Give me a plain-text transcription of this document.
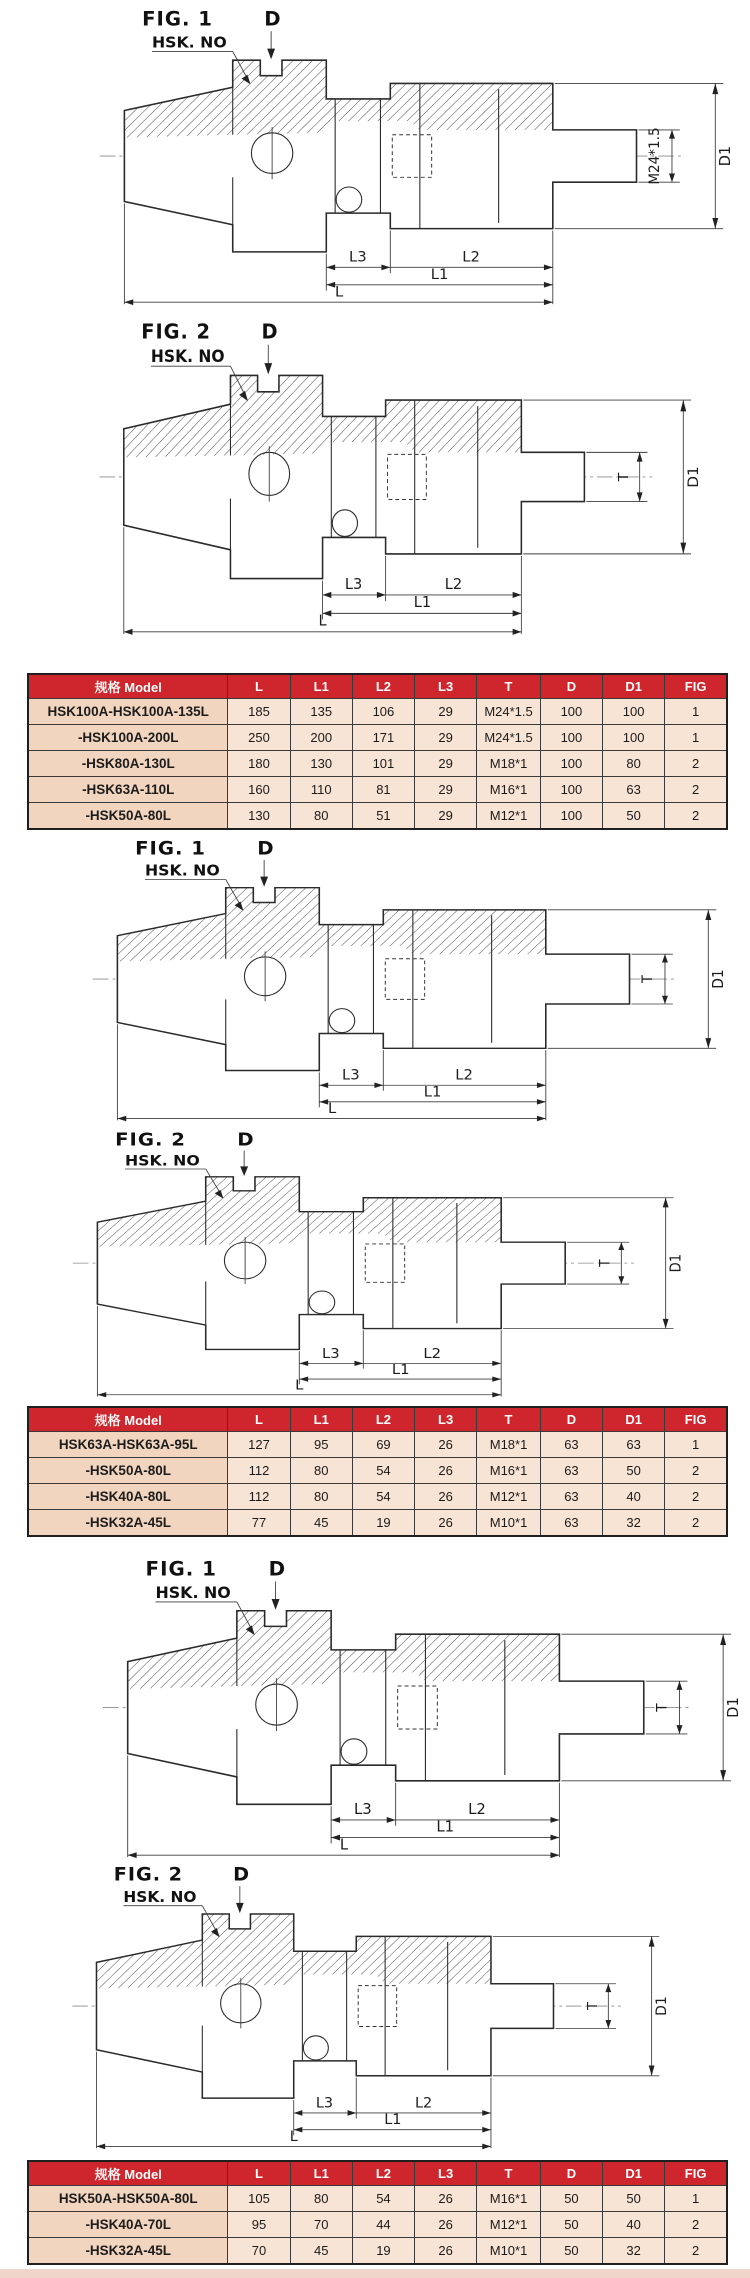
FIG. 1	D
HSK. NO
M24*1.5	D1
L3	L2
L1
L
FIG. 2	D
HSK. NO
T	D1
L3	L2
L1
L
规格 Model	L	L1	L2	L3	T	D	D1	FIG
HSK100A-HSK100A-135L	185	135	106	29	M24*1.5	100	100	1
-HSK100A-200L	250	200	171	29	M24*1.5	100	100	1
-HSK80A-130L	180	130	101	29	M18*1	100	80	2
-HSK63A-110L	160	110	81	29	M16*1	100	63	2
-HSK50A-80L	130	80	51	29	M12*1	100	50	2
FIG. 1	D
HSK. NO
T	D1
L3	L2
L1
L
FIG. 2	D
HSK. NO
T	D1
L3	L2
L1
L
规格 Model	L	L1	L2	L3	T	D	D1	FIG
HSK63A-HSK63A-95L	127	95	69	26	M18*1	63	63	1
-HSK50A-80L	112	80	54	26	M16*1	63	50	2
-HSK40A-80L	112	80	54	26	M12*1	63	40	2
-HSK32A-45L	77	45	19	26	M10*1	63	32	2
FIG. 1	D
HSK. NO
T	D1
L3	L2
L1
L
FIG. 2	D
HSK. NO
T	D1
L3	L2
L1
L
规格 Model	L	L1	L2	L3	T	D	D1	FIG
HSK50A-HSK50A-80L	105	80	54	26	M16*1	50	50	1
-HSK40A-70L	95	70	44	26	M12*1	50	40	2
-HSK32A-45L	70	45	19	26	M10*1	50	32	2
